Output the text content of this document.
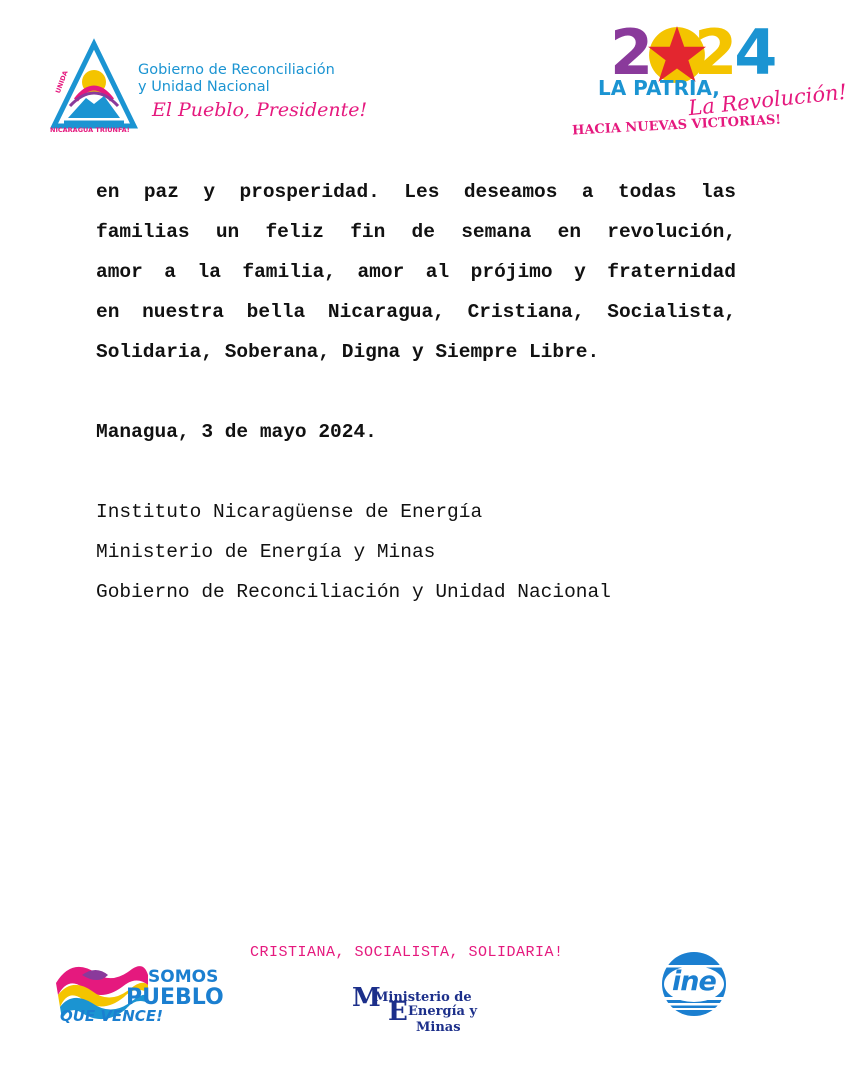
UNIDA
NICARAGUA TRIUNFA!
Gobierno de Reconciliación
y Unidad Nacional
El Pueblo, Presidente!
2 24
LA PATRIA,
La Revolución!
HACIA NUEVAS VICTORIAS!
en paz y prosperidad. Les deseamos a todas las
familias un feliz fin de semana en revolución,
amor a la familia, amor al prójimo y fraternidad
en nuestra bella Nicaragua, Cristiana, Socialista,
Solidaria, Soberana, Digna y Siempre Libre.
Managua, 3 de mayo 2024.
Instituto Nicaragüense de Energía
Ministerio de Energía y Minas
Gobierno de Reconciliación y Unidad Nacional
CRISTIANA, SOCIALISTA, SOLIDARIA!
SOMOS
PUEBLO
QUE VENCE!
M
Ministerio de
E Energía y
Minas
ine
